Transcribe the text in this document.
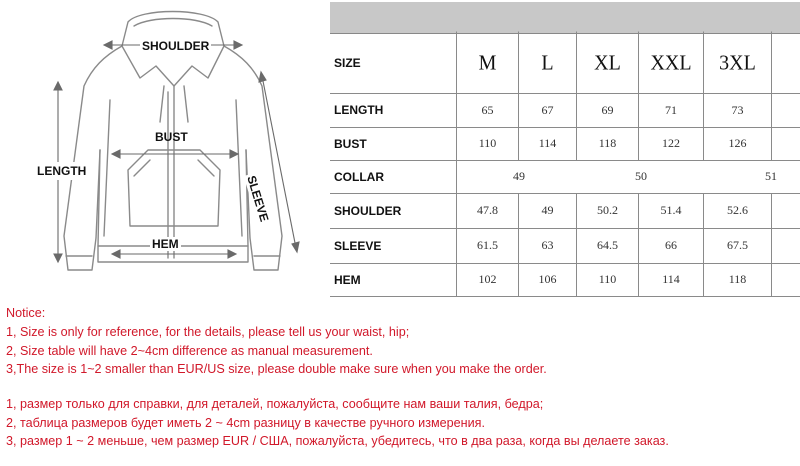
SHOULDER
BUST
LENGTH
HEM
SLEEVE
SIZE	M	L	XL	XXL	3XL
LENGTH	65	67	69	71	73
BUST	110	114	118	122	126
COLLAR	49	50	51
SHOULDER	47.8	49	50.2	51.4	52.6
SLEEVE	61.5	63	64.5	66	67.5
HEM	102	106	110	114	118
Notice:
1, Size is only for reference, for the details, please tell us your waist, hip;
2, Size table will have 2~4cm difference as manual measurement.
3,The size is 1~2 smaller than EUR/US size, please double make sure when you make the order.
1, размер только для справки, для деталей, пожалуйста, сообщите нам ваши талия, бедра;
2, таблица размеров будет иметь 2 ~ 4cm разницу в качестве ручного измерения.
3, размер 1 ~ 2 меньше, чем размер EUR / США, пожалуйста, убедитесь, что в два раза, когда вы делаете заказ.
